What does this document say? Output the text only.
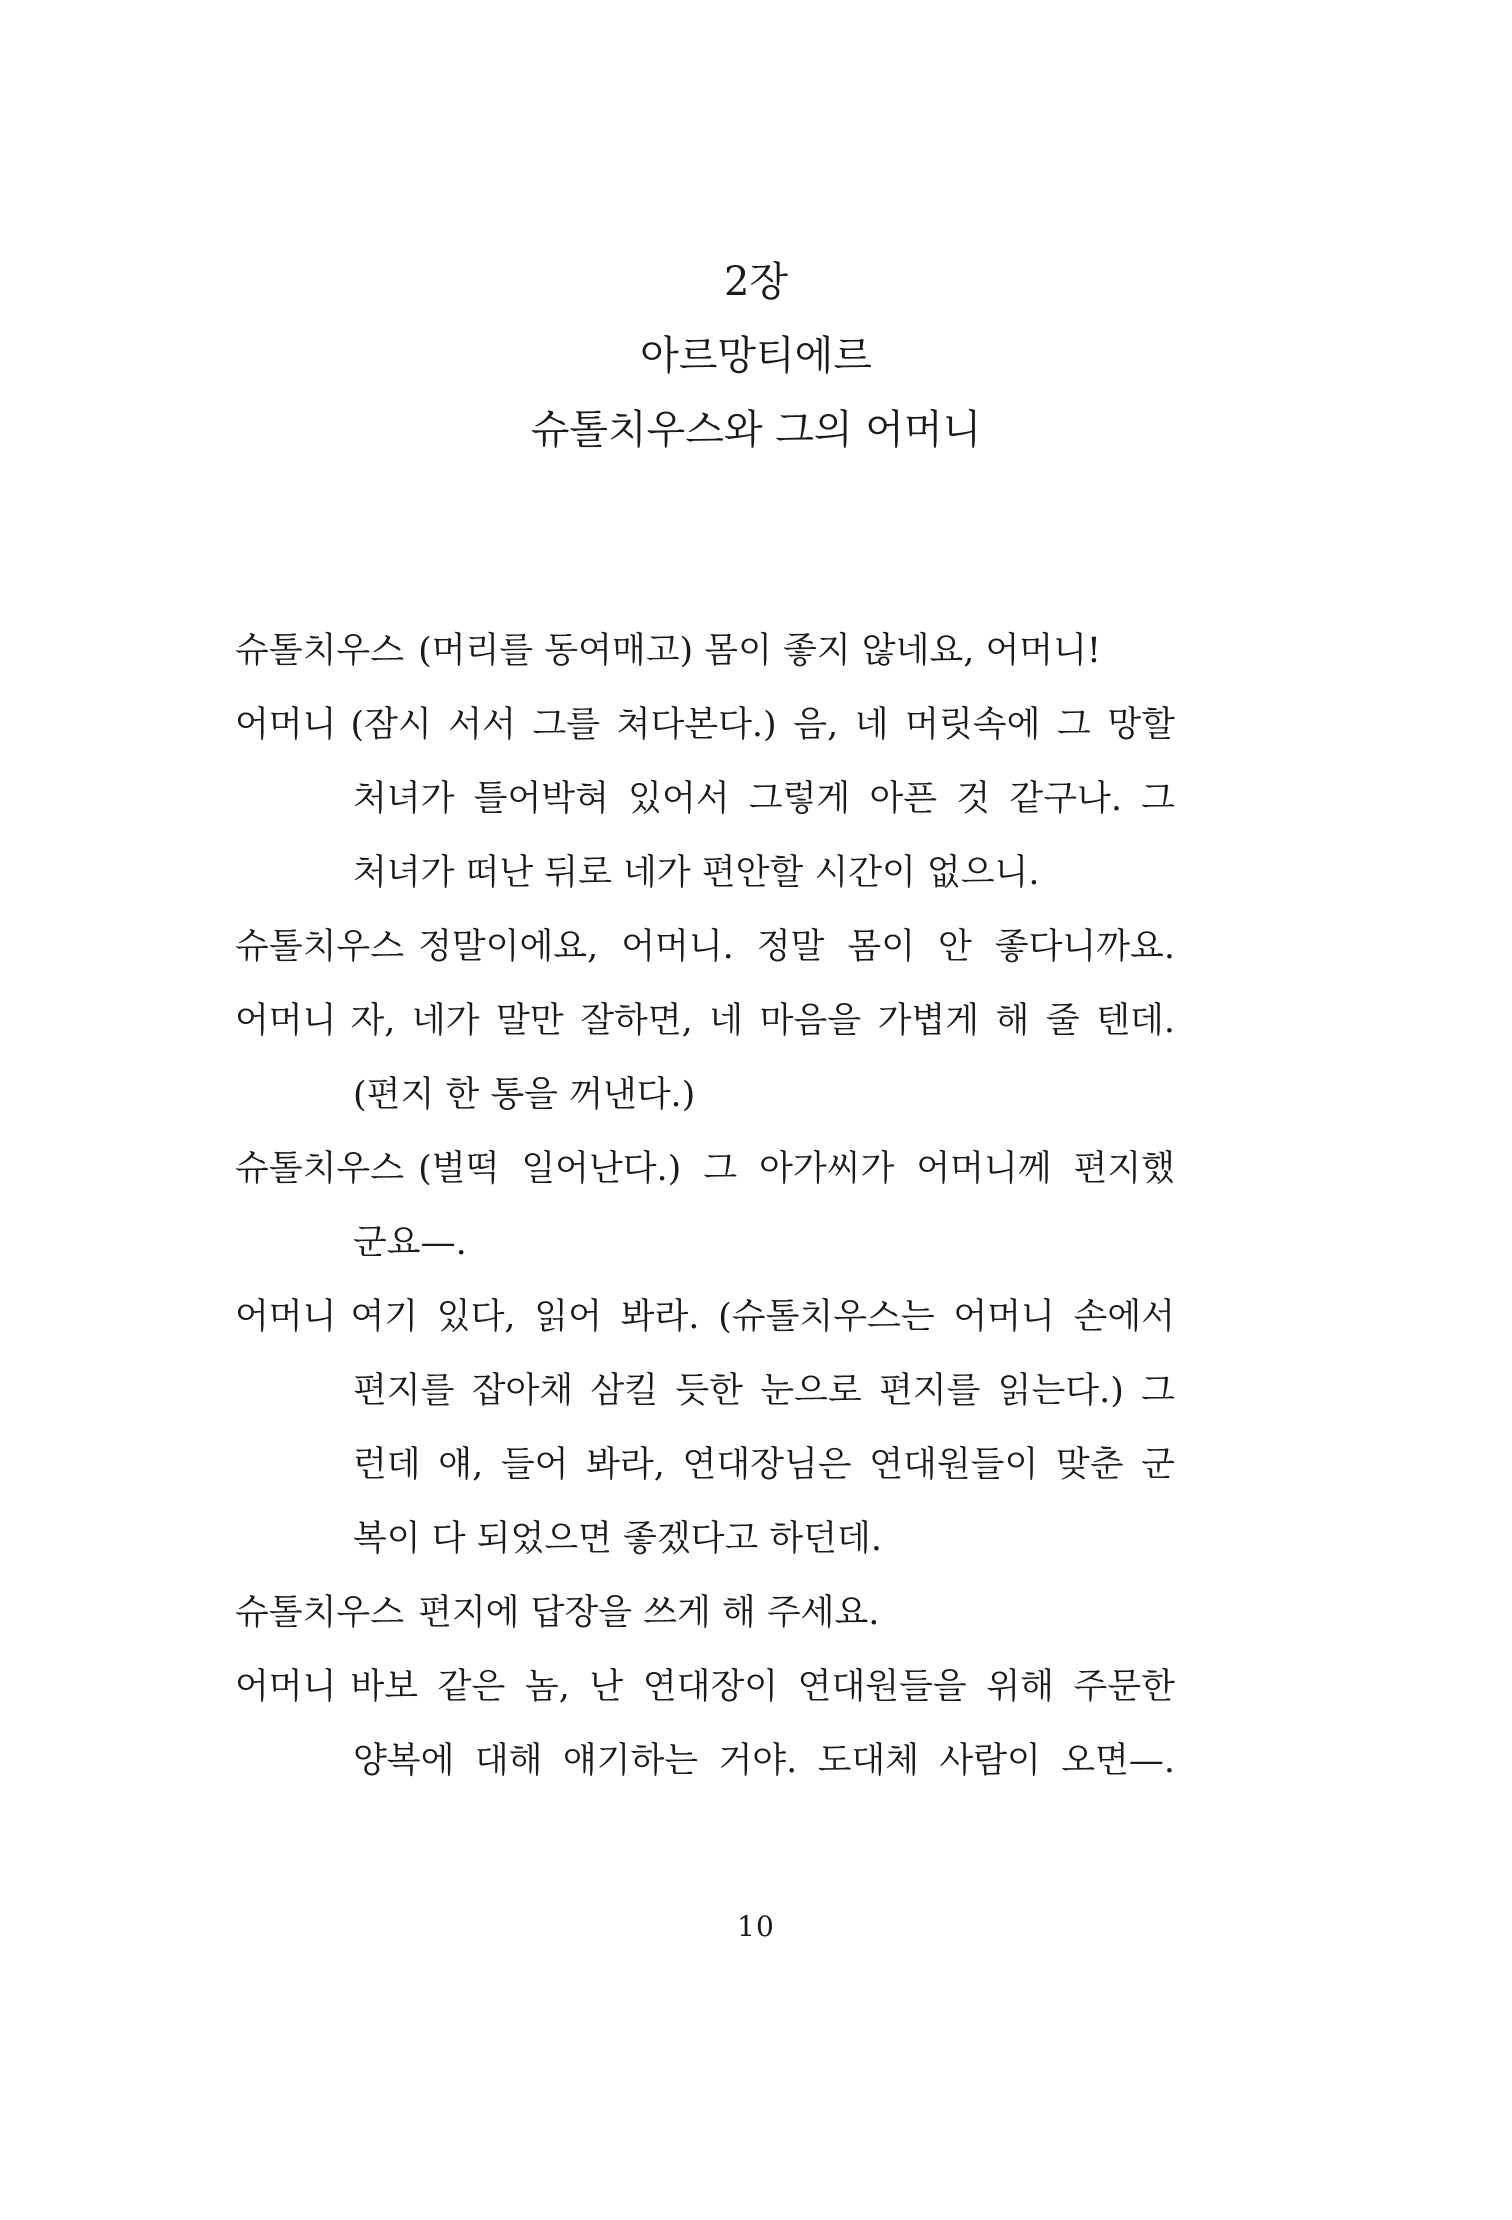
2장
아르망티에르
슈톨치우스와 그의 어머니
슈톨치우스 (머리를 동여매고) 몸이 좋지 않네요, 어머니!
어머니 (잠시 서서 그를 쳐다본다.) 음, 네 머릿속에 그 망할
처녀가 틀어박혀 있어서 그렇게 아픈 것 같구나. 그
처녀가 떠난 뒤로 네가 편안할 시간이 없으니.
슈톨치우스 정말이에요, 어머니. 정말 몸이 안 좋다니까요.
어머니 자, 네가 말만 잘하면, 네 마음을 가볍게 해 줄 텐데.
(편지 한 통을 꺼낸다.)
슈톨치우스 (벌떡 일어난다.) 그 아가씨가 어머니께 편지했
군요—.
어머니 여기 있다, 읽어 봐라. (슈톨치우스는 어머니 손에서
편지를 잡아채 삼킬 듯한 눈으로 편지를 읽는다.) 그
런데 얘, 들어 봐라, 연대장님은 연대원들이 맞춘 군
복이 다 되었으면 좋겠다고 하던데.
슈톨치우스 편지에 답장을 쓰게 해 주세요.
어머니 바보 같은 놈, 난 연대장이 연대원들을 위해 주문한
양복에 대해 얘기하는 거야. 도대체 사람이 오면—.
10
